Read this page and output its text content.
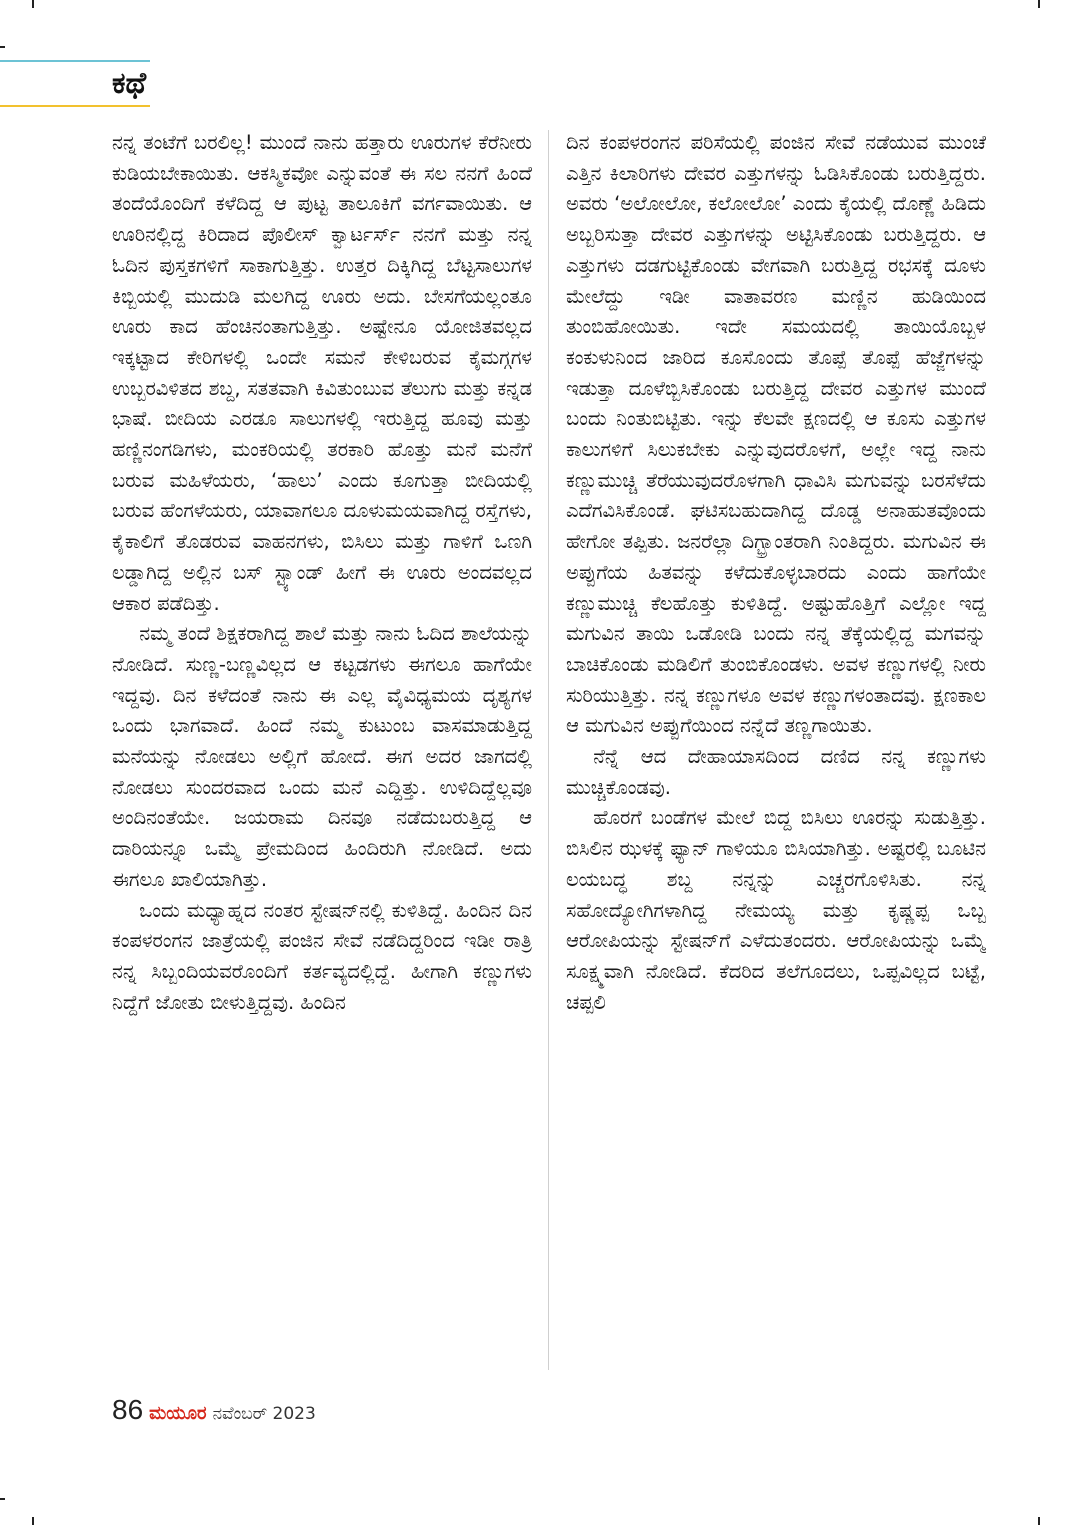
ಕಥೆ

ನನ್ನ ತಂಟೆಗೆ ಬರಲಿಲ್ಲ! ಮುಂದೆ ನಾನು ಹತ್ತಾರು ಊರುಗಳ ಕೆರೆನೀರು ಕುಡಿಯಬೇಕಾಯಿತು. ಆಕಸ್ಮಿಕವೋ ಎನ್ನುವಂತೆ ಈ ಸಲ ನನಗೆ ಹಿಂದೆ ತಂದೆಯೊಂದಿಗೆ ಕಳೆದಿದ್ದ ಆ ಪುಟ್ಟ ತಾಲೂಕಿಗೆ ವರ್ಗವಾಯಿತು. ಆ ಊರಿನಲ್ಲಿದ್ದ ಕಿರಿದಾದ ಪೊಲೀಸ್ ಕ್ವಾರ್ಟರ್ಸ್ ನನಗೆ ಮತ್ತು ನನ್ನ ಓದಿನ ಪುಸ್ತಕಗಳಿಗೆ ಸಾಕಾಗುತ್ತಿತ್ತು. ಉತ್ತರ ದಿಕ್ಕಿಗಿದ್ದ ಬೆಟ್ಟಸಾಲುಗಳ ಕಿಬ್ಬಿಯಲ್ಲಿ ಮುದುಡಿ ಮಲಗಿದ್ದ ಊರು ಅದು. ಬೇಸಗೆಯಲ್ಲಂತೂ ಊರು ಕಾದ ಹೆಂಚಿನಂತಾಗುತ್ತಿತ್ತು. ಅಷ್ಟೇನೂ ಯೋಜಿತವಲ್ಲದ ಇಕ್ಕಟ್ಟಾದ ಕೇರಿಗಳಲ್ಲಿ ಒಂದೇ ಸಮನೆ ಕೇಳಿಬರುವ ಕೈಮಗ್ಗಗಳ ಉಬ್ಬರವಿಳಿತದ ಶಬ್ದ, ಸತತವಾಗಿ ಕಿವಿತುಂಬುವ ತೆಲುಗು ಮತ್ತು ಕನ್ನಡ ಭಾಷೆ. ಬೀದಿಯ ಎರಡೂ ಸಾಲುಗಳಲ್ಲಿ ಇರುತ್ತಿದ್ದ ಹೂವು ಮತ್ತು ಹಣ್ಣಿನಂಗಡಿಗಳು, ಮಂಕರಿಯಲ್ಲಿ ತರಕಾರಿ ಹೊತ್ತು ಮನೆ ಮನೆಗೆ ಬರುವ ಮಹಿಳೆಯರು, ‘ಹಾಲು’ ಎಂದು ಕೂಗುತ್ತಾ ಬೀದಿಯಲ್ಲಿ ಬರುವ ಹೆಂಗಳೆಯರು, ಯಾವಾಗಲೂ ದೂಳುಮಯವಾಗಿದ್ದ ರಸ್ತೆಗಳು, ಕೈಕಾಲಿಗೆ ತೊಡರುವ ವಾಹನಗಳು, ಬಿಸಿಲು ಮತ್ತು ಗಾಳಿಗೆ ಒಣಗಿ ಲಡ್ಡಾಗಿದ್ದ ಅಲ್ಲಿನ ಬಸ್ ಸ್ಟ್ಯಾಂಡ್ ಹೀಗೆ ಈ ಊರು ಅಂದವಲ್ಲದ ಆಕಾರ ಪಡೆದಿತ್ತು.

ನಮ್ಮ ತಂದೆ ಶಿಕ್ಷಕರಾಗಿದ್ದ ಶಾಲೆ ಮತ್ತು ನಾನು ಓದಿದ ಶಾಲೆಯನ್ನು ನೋಡಿದೆ. ಸುಣ್ಣ-ಬಣ್ಣವಿಲ್ಲದ ಆ ಕಟ್ಟಡಗಳು ಈಗಲೂ ಹಾಗೆಯೇ ಇದ್ದವು. ದಿನ ಕಳೆದಂತೆ ನಾನು ಈ ಎಲ್ಲ ವೈವಿಧ್ಯಮಯ ದೃಶ್ಯಗಳ ಒಂದು ಭಾಗವಾದೆ. ಹಿಂದೆ ನಮ್ಮ ಕುಟುಂಬ ವಾಸಮಾಡುತ್ತಿದ್ದ ಮನೆಯನ್ನು ನೋಡಲು ಅಲ್ಲಿಗೆ ಹೋದೆ. ಈಗ ಅದರ ಜಾಗದಲ್ಲಿ ನೋಡಲು ಸುಂದರವಾದ ಒಂದು ಮನೆ ಎದ್ದಿತ್ತು. ಉಳಿದಿದ್ದೆಲ್ಲವೂ ಅಂದಿನಂತೆಯೇ. ಜಯರಾಮ ದಿನವೂ ನಡೆದುಬರುತ್ತಿದ್ದ ಆ ದಾರಿಯನ್ನೂ ಒಮ್ಮೆ ಪ್ರೇಮದಿಂದ ಹಿಂದಿರುಗಿ ನೋಡಿದೆ. ಅದು ಈಗಲೂ ಖಾಲಿಯಾಗಿತ್ತು.

ಒಂದು ಮಧ್ಯಾಹ್ನದ ನಂತರ ಸ್ಟೇಷನ್‌ನಲ್ಲಿ ಕುಳಿತಿದ್ದೆ. ಹಿಂದಿನ ದಿನ ಕಂಪಳರಂಗನ ಜಾತ್ರೆಯಲ್ಲಿ ಪಂಜಿನ ಸೇವೆ ನಡೆದಿದ್ದರಿಂದ ಇಡೀ ರಾತ್ರಿ ನನ್ನ ಸಿಬ್ಬಂದಿಯವರೊಂದಿಗೆ ಕರ್ತವ್ಯದಲ್ಲಿದ್ದೆ. ಹೀಗಾಗಿ ಕಣ್ಣುಗಳು ನಿದ್ದೆಗೆ ಜೋತು ಬೀಳುತ್ತಿದ್ದವು. ಹಿಂದಿನ

ದಿನ ಕಂಪಳರಂಗನ ಪರಿಸೆಯಲ್ಲಿ ಪಂಜಿನ ಸೇವೆ ನಡೆಯುವ ಮುಂಚೆ ಎತ್ತಿನ ಕಿಲಾರಿಗಳು ದೇವರ ಎತ್ತುಗಳನ್ನು ಓಡಿಸಿಕೊಂಡು ಬರುತ್ತಿದ್ದರು. ಅವರು ‘ಅಲೋಲೋ, ಕಲೋಲೋ’ ಎಂದು ಕೈಯಲ್ಲಿ ದೊಣ್ಣೆ ಹಿಡಿದು ಅಬ್ಬರಿಸುತ್ತಾ ದೇವರ ಎತ್ತುಗಳನ್ನು ಅಟ್ಟಿಸಿಕೊಂಡು ಬರುತ್ತಿದ್ದರು. ಆ ಎತ್ತುಗಳು ದಡಗುಟ್ಟಿಕೊಂಡು ವೇಗವಾಗಿ ಬರುತ್ತಿದ್ದ ರಭಸಕ್ಕೆ ದೂಳು ಮೇಲೆದ್ದು ಇಡೀ ವಾತಾವರಣ ಮಣ್ಣಿನ ಹುಡಿಯಿಂದ ತುಂಬಿಹೋಯಿತು. ಇದೇ ಸಮಯದಲ್ಲಿ ತಾಯಿಯೊಬ್ಬಳ ಕಂಕುಳುನಿಂದ ಜಾರಿದ ಕೂಸೊಂದು ತೊಪ್ಪೆ ತೊಪ್ಪೆ ಹೆಜ್ಜೆಗಳನ್ನು ಇಡುತ್ತಾ ದೂಳೆಬ್ಬಿಸಿಕೊಂಡು ಬರುತ್ತಿದ್ದ ದೇವರ ಎತ್ತುಗಳ ಮುಂದೆ ಬಂದು ನಿಂತುಬಿಟ್ಟಿತು. ಇನ್ನು ಕೆಲವೇ ಕ್ಷಣದಲ್ಲಿ ಆ ಕೂಸು ಎತ್ತುಗಳ ಕಾಲುಗಳಿಗೆ ಸಿಲುಕಬೇಕು ಎನ್ನುವುದರೊಳಗೆ, ಅಲ್ಲೇ ಇದ್ದ ನಾನು ಕಣ್ಣುಮುಚ್ಚಿ ತೆರೆಯುವುದರೊಳಗಾಗಿ ಧಾವಿಸಿ ಮಗುವನ್ನು ಬರಸೆಳೆದು ಎದೆಗವಿಸಿಕೊಂಡೆ. ಘಟಿಸಬಹುದಾಗಿದ್ದ ದೊಡ್ಡ ಅನಾಹುತವೊಂದು ಹೇಗೋ ತಪ್ಪಿತು. ಜನರೆಲ್ಲಾ ದಿಗ್ಭ್ರಾಂತರಾಗಿ ನಿಂತಿದ್ದರು. ಮಗುವಿನ ಈ ಅಪ್ಪುಗೆಯ ಹಿತವನ್ನು ಕಳೆದುಕೊಳ್ಳಬಾರದು ಎಂದು ಹಾಗೆಯೇ ಕಣ್ಣುಮುಚ್ಚಿ ಕೆಲಹೊತ್ತು ಕುಳಿತಿದ್ದೆ. ಅಷ್ಟುಹೊತ್ತಿಗೆ ಎಲ್ಲೋ ಇದ್ದ ಮಗುವಿನ ತಾಯಿ ಒಡೋಡಿ ಬಂದು ನನ್ನ ತೆಕ್ಕೆಯಲ್ಲಿದ್ದ ಮಗವನ್ನು ಬಾಚಿಕೊಂಡು ಮಡಿಲಿಗೆ ತುಂಬಿಕೊಂಡಳು. ಅವಳ ಕಣ್ಣುಗಳಲ್ಲಿ ನೀರು ಸುರಿಯುತ್ತಿತ್ತು. ನನ್ನ ಕಣ್ಣುಗಳೂ ಅವಳ ಕಣ್ಣುಗಳಂತಾದವು. ಕ್ಷಣಕಾಲ ಆ ಮಗುವಿನ ಅಪ್ಪುಗೆಯಿಂದ ನನ್ನೆದೆ ತಣ್ಣಗಾಯಿತು.

ನೆನ್ನೆ ಆದ ದೇಹಾಯಾಸದಿಂದ ದಣಿದ ನನ್ನ ಕಣ್ಣುಗಳು ಮುಚ್ಚಿಕೊಂಡವು.

ಹೊರಗೆ ಬಂಡೆಗಳ ಮೇಲೆ ಬಿದ್ದ ಬಿಸಿಲು ಊರನ್ನು ಸುಡುತ್ತಿತ್ತು. ಬಿಸಿಲಿನ ಝಳಕ್ಕೆ ಫ್ಯಾನ್ ಗಾಳಿಯೂ ಬಿಸಿಯಾಗಿತ್ತು. ಅಷ್ಟರಲ್ಲಿ ಬೂಟಿನ ಲಯಬದ್ಧ ಶಬ್ದ ನನ್ನನ್ನು ಎಚ್ಚರಗೊಳಿಸಿತು. ನನ್ನ ಸಹೋದ್ಯೋಗಿಗಳಾಗಿದ್ದ ನೇಮಯ್ಯ ಮತ್ತು ಕೃಷ್ಣಪ್ಪ ಒಬ್ಬ ಆರೋಪಿಯನ್ನು ಸ್ಟೇಷನ್‌ಗೆ ಎಳೆದುತಂದರು. ಆರೋಪಿಯನ್ನು ಒಮ್ಮೆ ಸೂಕ್ಷ್ಮವಾಗಿ ನೋಡಿದೆ. ಕೆದರಿದ ತಲೆಗೂದಲು, ಒಪ್ಪವಿಲ್ಲದ ಬಟ್ಟೆ, ಚಪ್ಪಲಿ

86 ಮಯೂರ ನವೆಂಬರ್ 2023
